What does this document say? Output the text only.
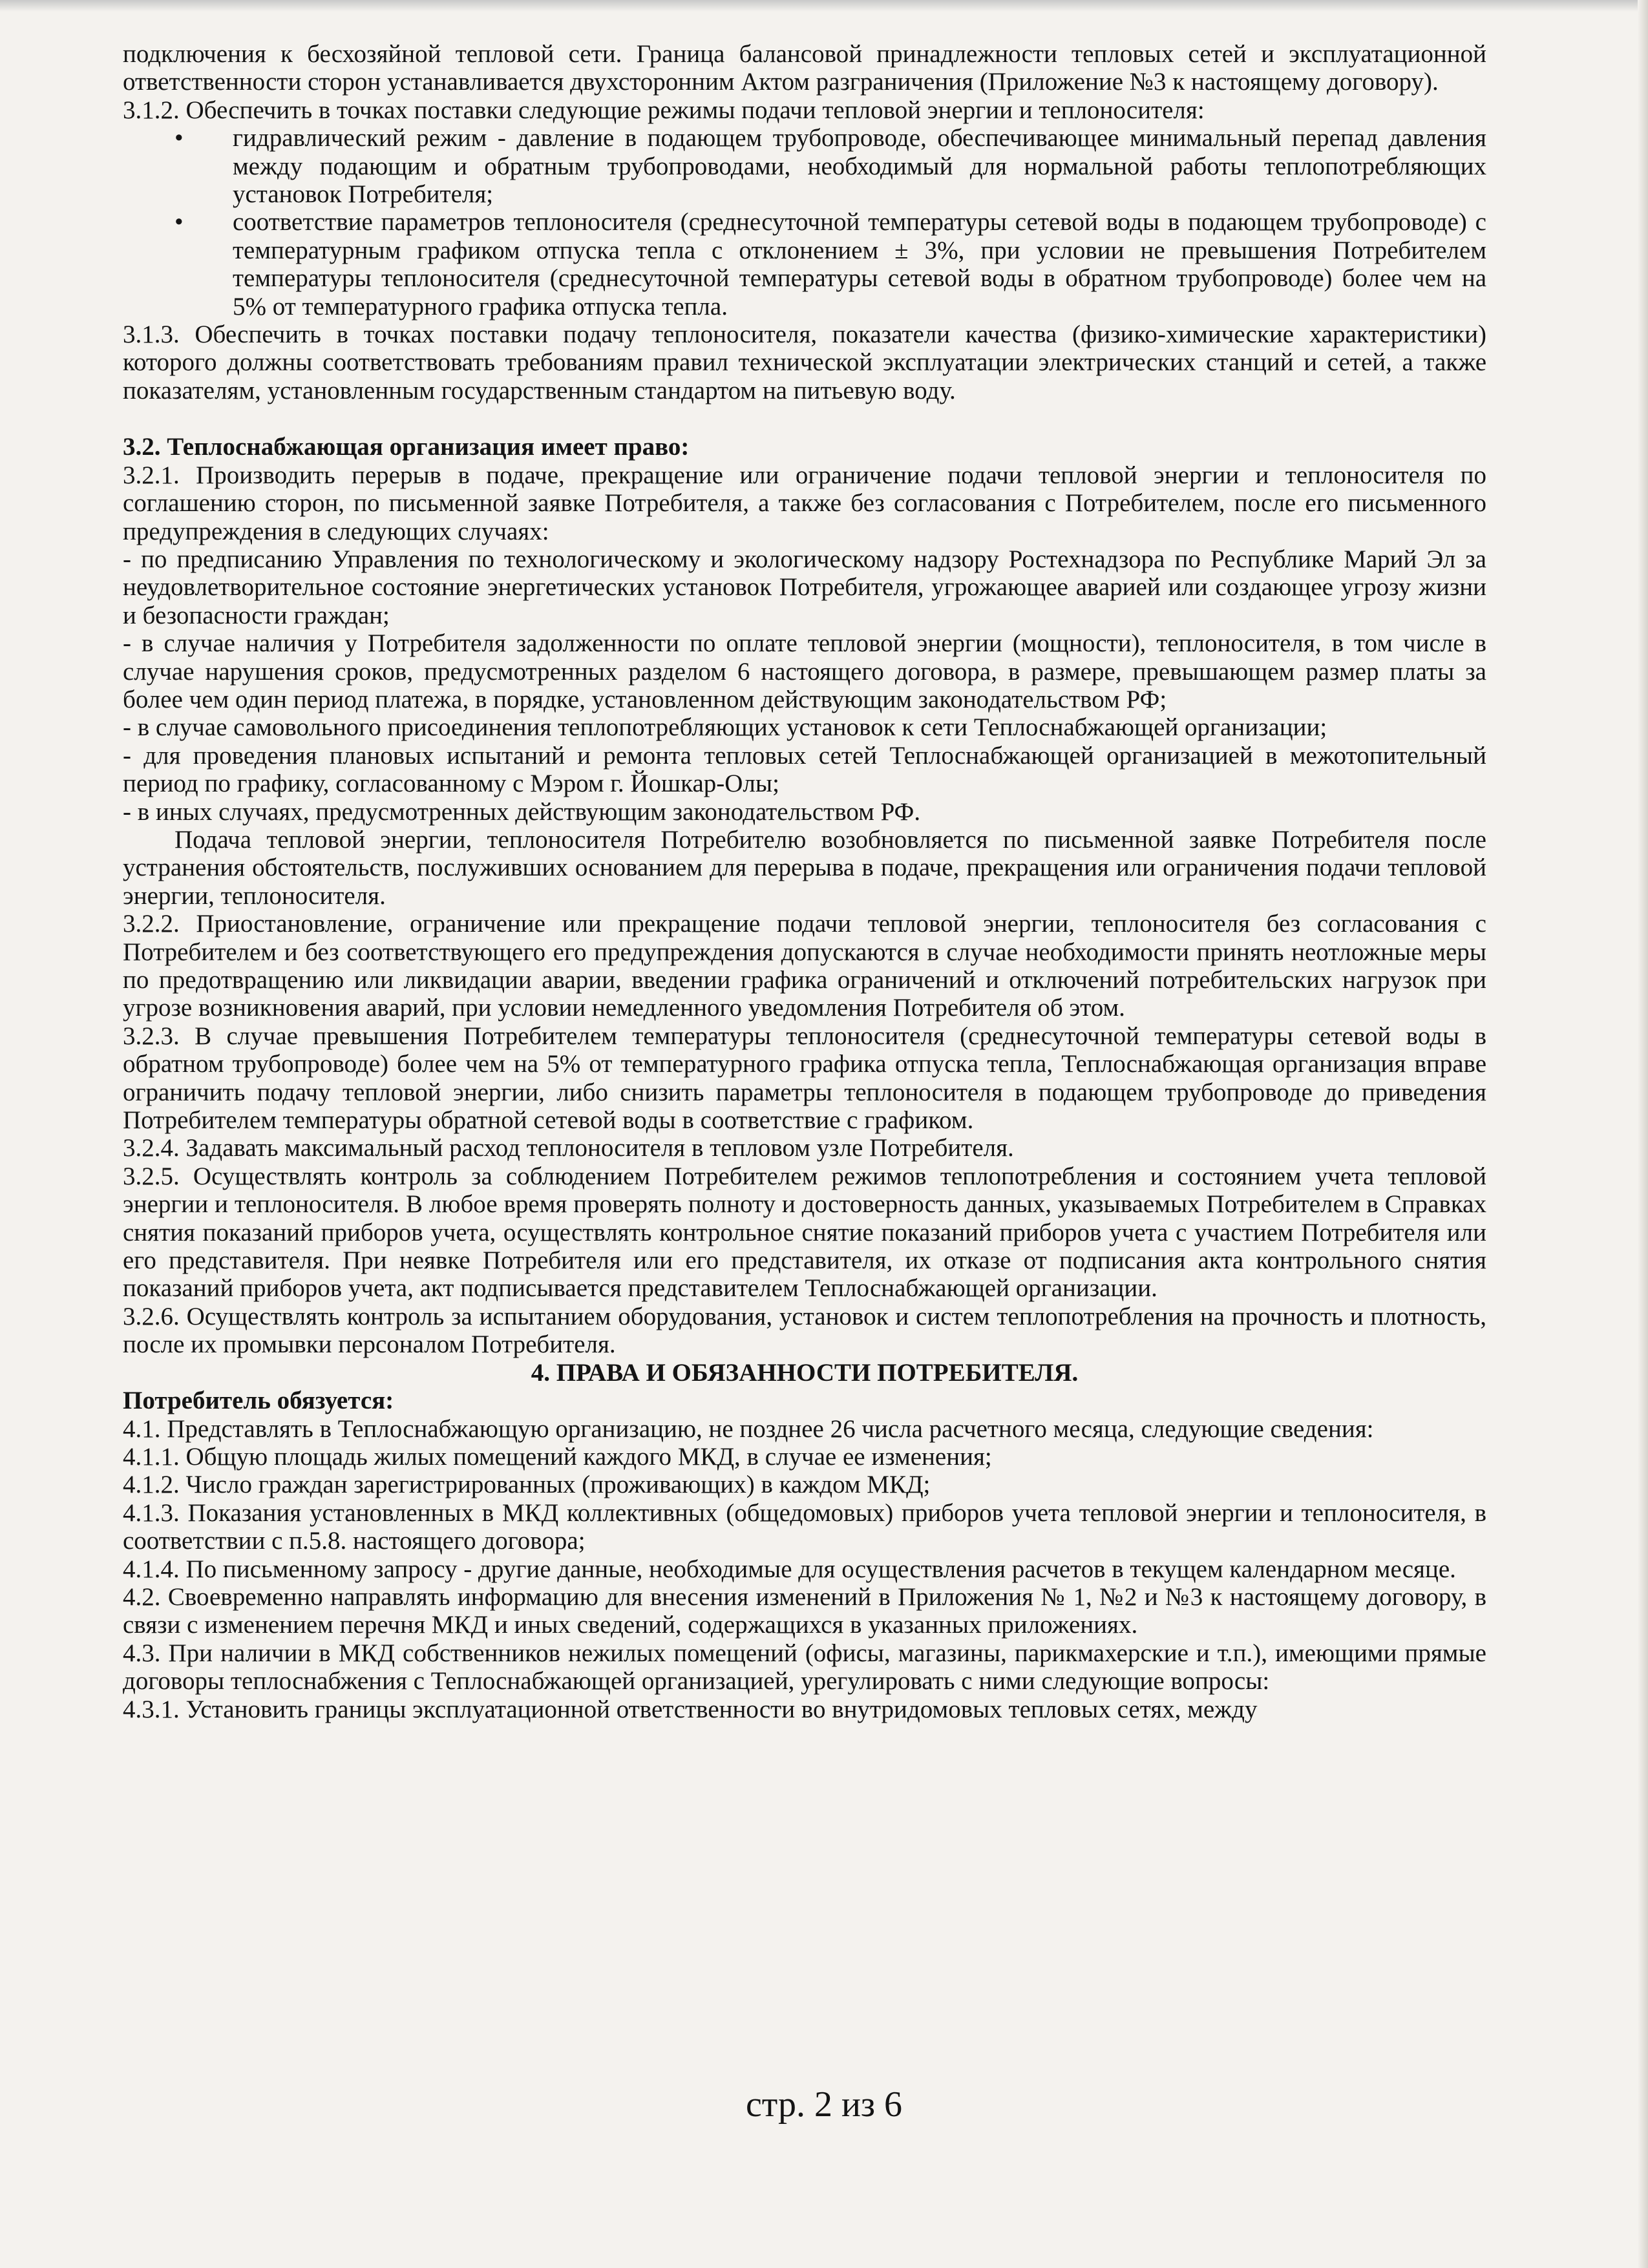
подключения к бесхозяйной тепловой сети. Граница балансовой принадлежности тепловых сетей и эксплуатационной ответственности сторон устанавливается двухсторонним Актом разграничения (Приложение №3 к настоящему договору).

3.1.2. Обеспечить в точках поставки следующие режимы подачи тепловой энергии и теплоносителя:

• гидравлический режим - давление в подающем трубопроводе, обеспечивающее минимальный перепад давления между подающим и обратным трубопроводами, необходимый для нормальной работы теплопотребляющих установок Потребителя;
• соответствие параметров теплоносителя (среднесуточной температуры сетевой воды в подающем трубопроводе) с температурным графиком отпуска тепла с отклонением ± 3%, при условии не превышения Потребителем температуры теплоносителя (среднесуточной температуры сетевой воды в обратном трубопроводе) более чем на 5% от температурного графика отпуска тепла.

3.1.3. Обеспечить в точках поставки подачу теплоносителя, показатели качества (физико-химические характеристики) которого должны соответствовать требованиям правил технической эксплуатации электрических станций и сетей, а также показателям, установленным государственным стандартом на питьевую воду.

3.2. Теплоснабжающая организация имеет право:

3.2.1. Производить перерыв в подаче, прекращение или ограничение подачи тепловой энергии и теплоносителя по соглашению сторон, по письменной заявке Потребителя, а также без согласования с Потребителем, после его письменного предупреждения в следующих случаях:

- по предписанию Управления по технологическому и экологическому надзору Ростехнадзора по Республике Марий Эл за неудовлетворительное состояние энергетических установок Потребителя, угрожающее аварией или создающее угрозу жизни и безопасности граждан;

- в случае наличия у Потребителя задолженности по оплате тепловой энергии (мощности), теплоносителя, в том числе в случае нарушения сроков, предусмотренных разделом 6 настоящего договора, в размере, превышающем размер платы за более чем один период платежа, в порядке, установленном действующим законодательством РФ;

- в случае самовольного присоединения теплопотребляющих установок к сети Теплоснабжающей организации;

- для проведения плановых испытаний и ремонта тепловых сетей Теплоснабжающей организацией в межотопительный период по графику, согласованному с Мэром г. Йошкар-Олы;

- в иных случаях, предусмотренных действующим законодательством РФ.

Подача тепловой энергии, теплоносителя Потребителю возобновляется по письменной заявке Потребителя после устранения обстоятельств, послуживших основанием для перерыва в подаче, прекращения или ограничения подачи тепловой энергии, теплоносителя.

3.2.2. Приостановление, ограничение или прекращение подачи тепловой энергии, теплоносителя без согласования с Потребителем и без соответствующего его предупреждения допускаются в случае необходимости принять неотложные меры по предотвращению или ликвидации аварии, введении графика ограничений и отключений потребительских нагрузок при угрозе возникновения аварий, при условии немедленного уведомления Потребителя об этом.

3.2.3. В случае превышения Потребителем температуры теплоносителя (среднесуточной температуры сетевой воды в обратном трубопроводе) более чем на 5% от температурного графика отпуска тепла, Теплоснабжающая организация вправе ограничить подачу тепловой энергии, либо снизить параметры теплоносителя в подающем трубопроводе до приведения Потребителем температуры обратной сетевой воды в соответствие с графиком.

3.2.4. Задавать максимальный расход теплоносителя в тепловом узле Потребителя.

3.2.5. Осуществлять контроль за соблюдением Потребителем режимов теплопотребления и состоянием учета тепловой энергии и теплоносителя. В любое время проверять полноту и достоверность данных, указываемых Потребителем в Справках снятия показаний приборов учета, осуществлять контрольное снятие показаний приборов учета с участием Потребителя или его представителя. При неявке Потребителя или его представителя, их отказе от подписания акта контрольного снятия показаний приборов учета, акт подписывается представителем Теплоснабжающей организации.

3.2.6. Осуществлять контроль за испытанием оборудования, установок и систем теплопотребления на прочность и плотность, после их промывки персоналом Потребителя.

4. ПРАВА И ОБЯЗАННОСТИ ПОТРЕБИТЕЛЯ.

Потребитель обязуется:

4.1. Представлять в Теплоснабжающую организацию, не позднее 26 числа расчетного месяца, следующие сведения:

4.1.1. Общую площадь жилых помещений каждого МКД, в случае ее изменения;

4.1.2. Число граждан зарегистрированных (проживающих) в каждом МКД;

4.1.3. Показания установленных в МКД коллективных (общедомовых) приборов учета тепловой энергии и теплоносителя, в соответствии с п.5.8. настоящего договора;

4.1.4. По письменному запросу - другие данные, необходимые для осуществления расчетов в текущем календарном месяце.

4.2. Своевременно направлять информацию для внесения изменений в Приложения № 1, №2 и №3 к настоящему договору, в связи с изменением перечня МКД и иных сведений, содержащихся в указанных приложениях.

4.3. При наличии в МКД собственников нежилых помещений (офисы, магазины, парикмахерские и т.п.), имеющими прямые договоры теплоснабжения с Теплоснабжающей организацией, урегулировать с ними следующие вопросы:

4.3.1. Установить границы эксплуатационной ответственности во внутридомовых тепловых сетях, между

стр. 2 из 6
